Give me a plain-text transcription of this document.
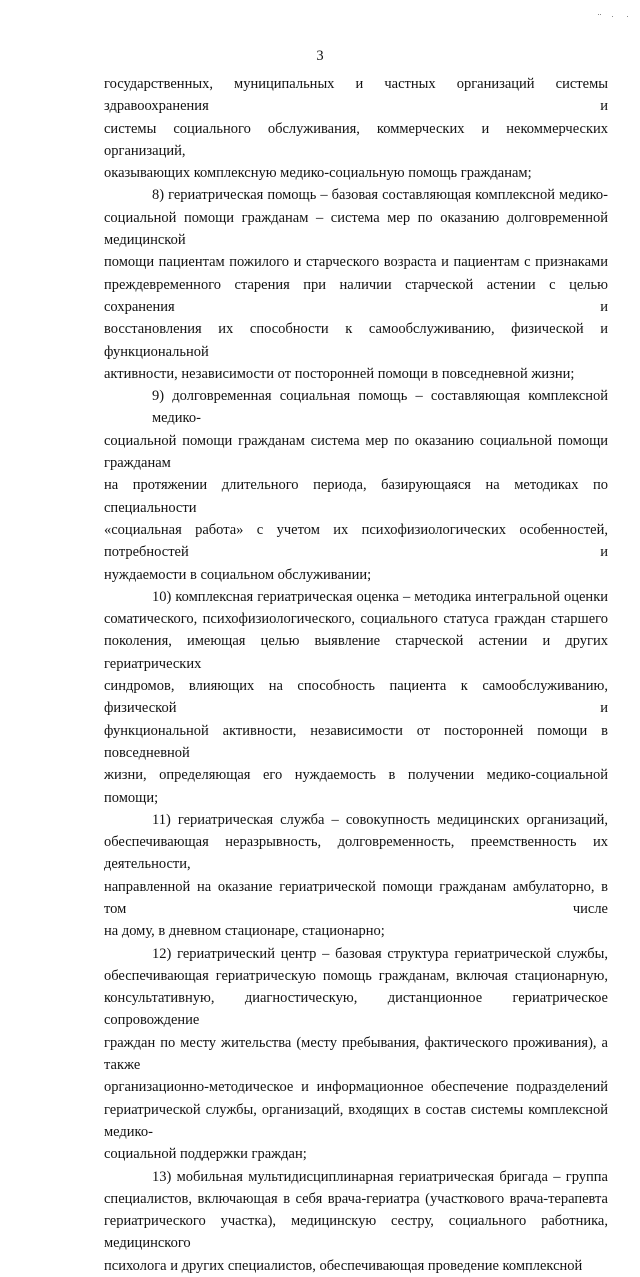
3
государственных, муниципальных и частных организаций системы здравоохранения и
системы социального обслуживания, коммерческих и некоммерческих организаций,
оказывающих комплексную медико-социальную помощь гражданам;
8) гериатрическая помощь – базовая составляющая комплексной медико-
социальной помощи гражданам – система мер по оказанию долговременной медицинской
помощи пациентам пожилого и старческого возраста и пациентам с признаками
преждевременного старения при наличии старческой астении с целью сохранения и
восстановления их способности к самообслуживанию, физической и функциональной
активности, независимости от посторонней помощи в повседневной жизни;
9) долговременная социальная помощь – составляющая комплексной медико-
социальной помощи гражданам система мер по оказанию социальной помощи гражданам
на протяжении длительного периода, базирующаяся на методиках по специальности
«социальная работа» с учетом их психофизиологических особенностей, потребностей и
нуждаемости в социальном обслуживании;
10) комплексная гериатрическая оценка – методика интегральной оценки
соматического, психофизиологического, социального статуса граждан старшего
поколения, имеющая целью выявление старческой астении и других гериатрических
синдромов, влияющих на способность пациента к самообслуживанию, физической и
функциональной активности, независимости от посторонней помощи в повседневной
жизни, определяющая его нуждаемость в получении медико-социальной помощи;
11) гериатрическая служба – совокупность медицинских организаций,
обеспечивающая неразрывность, долговременность, преемственность их деятельности,
направленной на оказание гериатрической помощи гражданам амбулаторно, в том числе
на дому, в дневном стационаре, стационарно;
12) гериатрический центр – базовая структура гериатрической службы,
обеспечивающая гериатрическую помощь гражданам, включая стационарную,
консультативную, диагностическую, дистанционное гериатрическое сопровождение
граждан по месту жительства (месту пребывания, фактического проживания), а также
организационно-методическое и информационное обеспечение подразделений
гериатрической службы, организаций, входящих в состав системы комплексной медико-
социальной поддержки граждан;
13) мобильная мультидисциплинарная гериатрическая бригада – группа
специалистов, включающая в себя врача-гериатра (участкового врача-терапевта
гериатрического участка), медицинскую сестру, социального работника, медицинского
психолога и других специалистов, обеспечивающая проведение комплексной
